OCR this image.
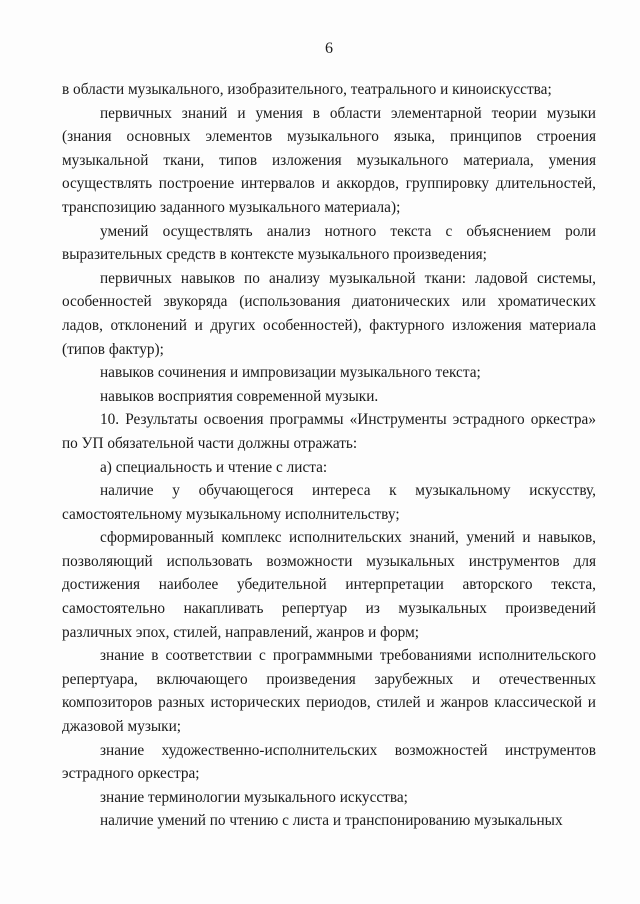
6

в области музыкального, изобразительного, театрального и киноискусства;

первичных знаний и умения в области элементарной теории музыки (знания основных элементов музыкального языка, принципов строения музыкальной ткани, типов изложения музыкального материала, умения осуществлять построение интервалов и аккордов, группировку длительностей, транспозицию заданного музыкального материала);

умений осуществлять анализ нотного текста с объяснением роли выразительных средств в контексте музыкального произведения;

первичных навыков по анализу музыкальной ткани: ладовой системы, особенностей звукоряда (использования диатонических или хроматических ладов, отклонений и других особенностей), фактурного изложения материала (типов фактур);

навыков сочинения и импровизации музыкального текста;

навыков восприятия современной музыки.

10. Результаты освоения программы «Инструменты эстрадного оркестра» по УП обязательной части должны отражать:

а) специальность и чтение с листа:

наличие у обучающегося интереса к музыкальному искусству, самостоятельному музыкальному исполнительству;

сформированный комплекс исполнительских знаний, умений и навыков, позволяющий использовать возможности музыкальных инструментов для достижения наиболее убедительной интерпретации авторского текста, самостоятельно накапливать репертуар из музыкальных произведений различных эпох, стилей, направлений, жанров и форм;

знание в соответствии с программными требованиями исполнительского репертуара, включающего произведения зарубежных и отечественных композиторов разных исторических периодов, стилей и жанров классической и джазовой музыки;

знание художественно-исполнительских возможностей инструментов эстрадного оркестра;

знание терминологии музыкального искусства;

наличие умений по чтению с листа и транспонированию музыкальных
